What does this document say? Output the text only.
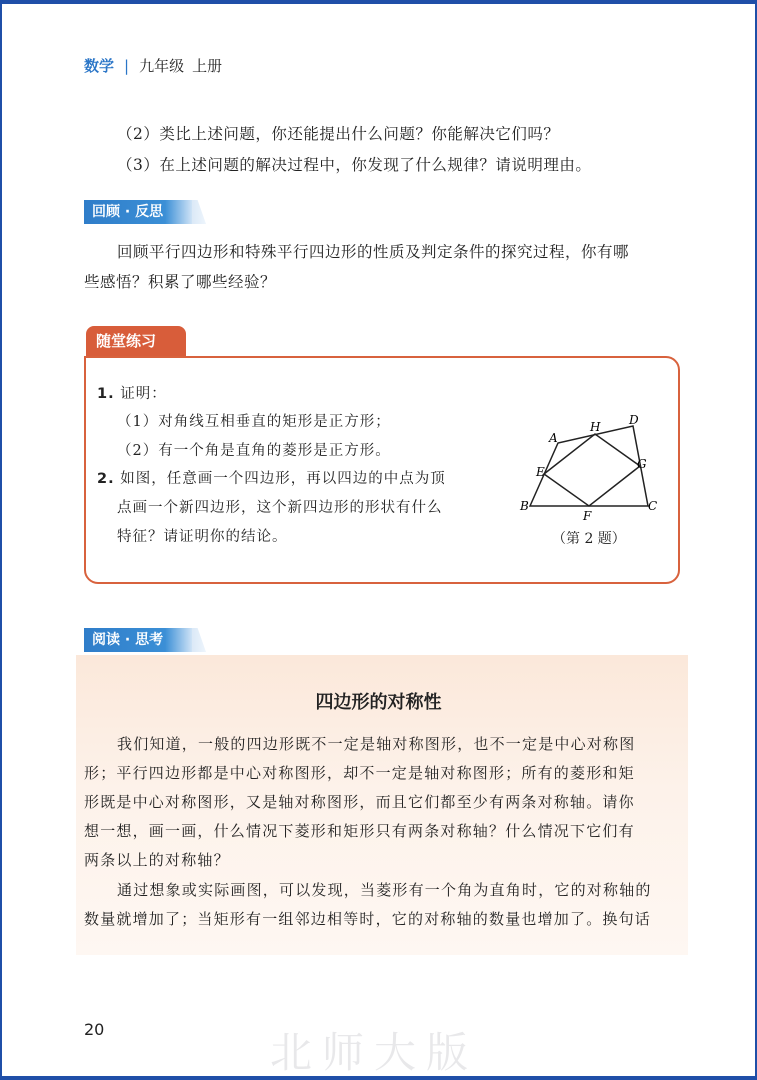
数学 | 九年级 上册
（2）类比上述问题，你还能提出什么问题？你能解决它们吗？
（3）在上述问题的解决过程中，你发现了什么规律？请说明理由。
回顾 · 反思
回顾平行四边形和特殊平行四边形的性质及判定条件的探究过程，你有哪
些感悟？积累了哪些经验？
随堂练习
1. 证明：
（1）对角线互相垂直的矩形是正方形；
（2）有一个角是直角的菱形是正方形。
2. 如图，任意画一个四边形，再以四边的中点为顶
点画一个新四边形，这个新四边形的形状有什么
特征？请证明你的结论。
A
B	C
D
E
F
G
H
（第 2 题）
阅读 · 思考
四边形的对称性
我们知道，一般的四边形既不一定是轴对称图形，也不一定是中心对称图
形；平行四边形都是中心对称图形，却不一定是轴对称图形；所有的菱形和矩
形既是中心对称图形，又是轴对称图形，而且它们都至少有两条对称轴。请你
想一想，画一画，什么情况下菱形和矩形只有两条对称轴？什么情况下它们有
两条以上的对称轴？
通过想象或实际画图，可以发现，当菱形有一个角为直角时，它的对称轴的
数量就增加了；当矩形有一组邻边相等时，它的对称轴的数量也增加了。换句话
20	北师大版
